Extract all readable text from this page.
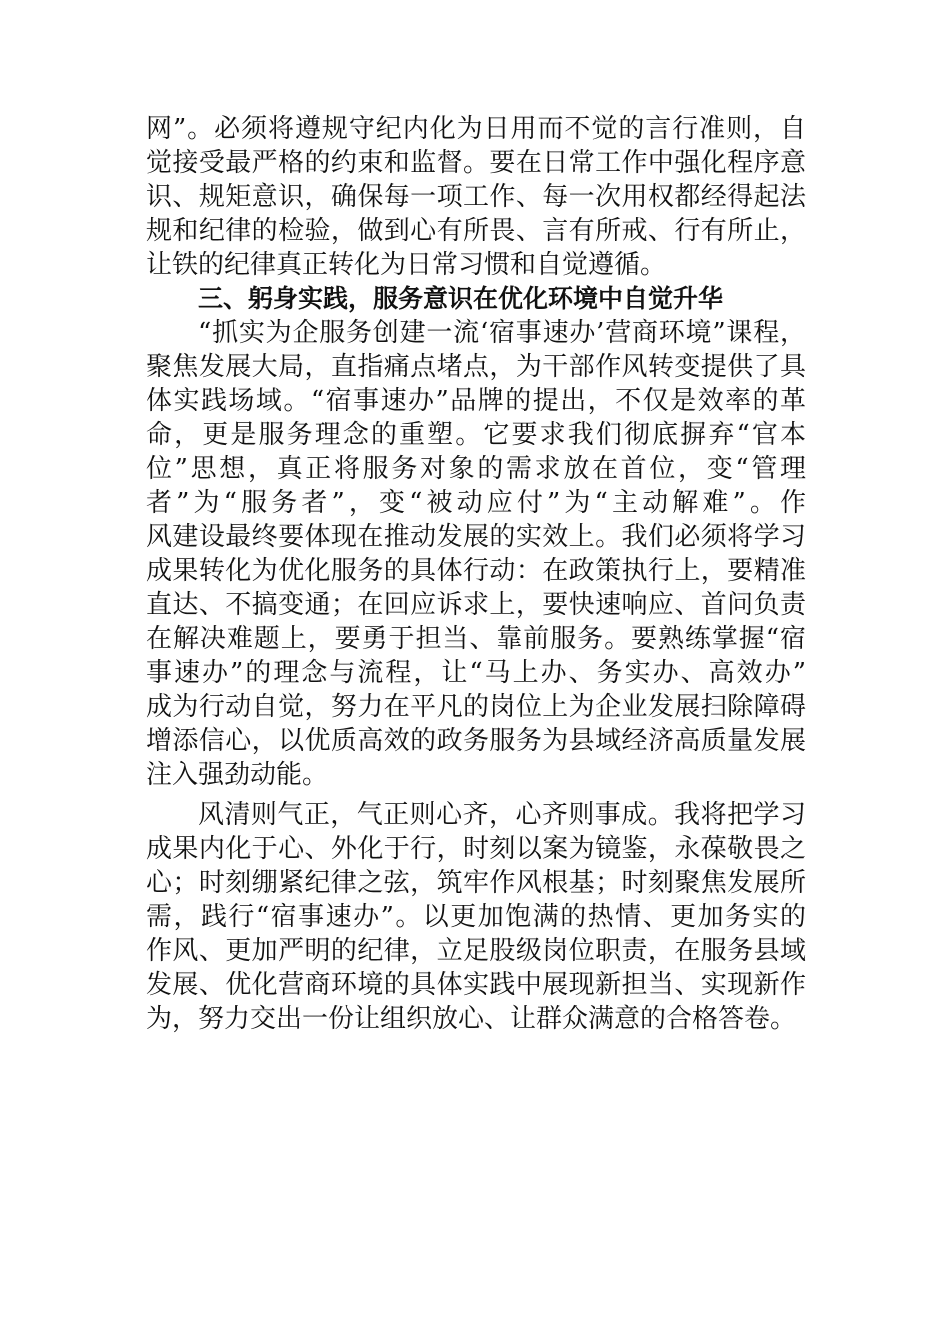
网”。必须将遵规守纪内化为日用而不觉的言行准则，自
觉接受最严格的约束和监督。要在日常工作中强化程序意
识、规矩意识，确保每一项工作、每一次用权都经得起法
规和纪律的检验，做到心有所畏、言有所戒、行有所止，
让铁的纪律真正转化为日常习惯和自觉遵循。
三、躬身实践，服务意识在优化环境中自觉升华
“抓实为企服务创建一流‘宿事速办’营商环境”课程，
聚焦发展大局，直指痛点堵点，为干部作风转变提供了具
体实践场域。“宿事速办”品牌的提出，不仅是效率的革
命，更是服务理念的重塑。它要求我们彻底摒弃“官本
位”思想，真正将服务对象的需求放在首位，变“管理
者”为“服务者”，变“被动应付”为“主动解难”。作
风建设最终要体现在推动发展的实效上。我们必须将学习
成果转化为优化服务的具体行动：在政策执行上，要精准
直达、不搞变通；在回应诉求上，要快速响应、首问负责
在解决难题上，要勇于担当、靠前服务。要熟练掌握“宿
事速办”的理念与流程，让“马上办、务实办、高效办”
成为行动自觉，努力在平凡的岗位上为企业发展扫除障碍
增添信心，以优质高效的政务服务为县域经济高质量发展
注入强劲动能。
风清则气正，气正则心齐，心齐则事成。我将把学习
成果内化于心、外化于行，时刻以案为镜鉴，永葆敬畏之
心；时刻绷紧纪律之弦，筑牢作风根基；时刻聚焦发展所
需，践行“宿事速办”。以更加饱满的热情、更加务实的
作风、更加严明的纪律，立足股级岗位职责，在服务县域
发展、优化营商环境的具体实践中展现新担当、实现新作
为，努力交出一份让组织放心、让群众满意的合格答卷。
